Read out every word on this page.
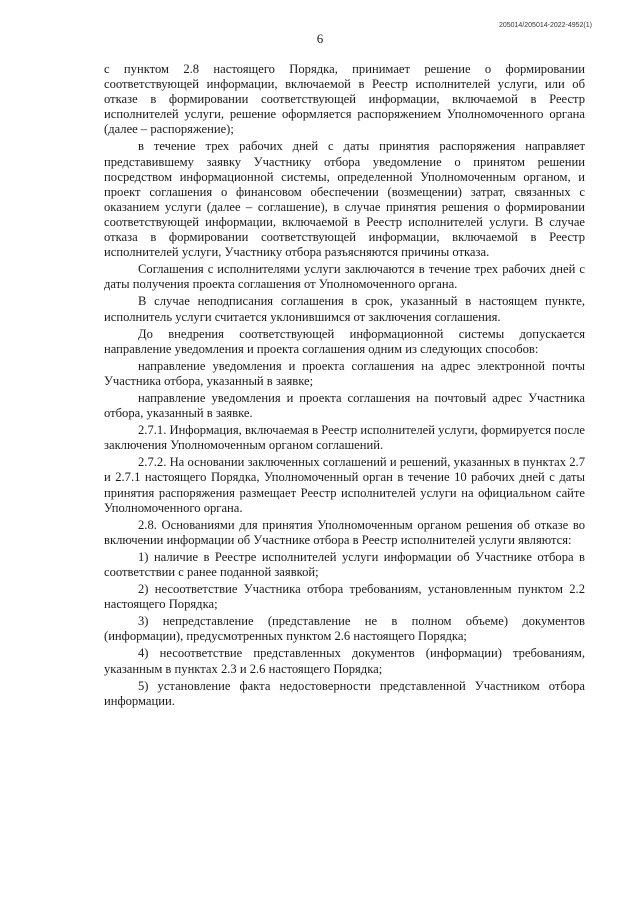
205014/205014-2022-4952(1)
6

с пунктом 2.8 настоящего Порядка, принимает решение о формировании соответствующей информации, включаемой в Реестр исполнителей услуги, или об отказе в формировании соответствующей информации, включаемой в Реестр исполнителей услуги, решение оформляется распоряжением Уполномоченного органа (далее – распоряжение);

в течение трех рабочих дней с даты принятия распоряжения направляет представившему заявку Участнику отбора уведомление о принятом решении посредством информационной системы, определенной Уполномоченным органом, и проект соглашения о финансовом обеспечении (возмещении) затрат, связанных с оказанием услуги (далее – соглашение), в случае принятия решения о формировании соответствующей информации, включаемой в Реестр исполнителей услуги. В случае отказа в формировании соответствующей информации, включаемой в Реестр исполнителей услуги, Участнику отбора разъясняются причины отказа.

Соглашения с исполнителями услуги заключаются в течение трех рабочих дней с даты получения проекта соглашения от Уполномоченного органа.

В случае неподписания соглашения в срок, указанный в настоящем пункте, исполнитель услуги считается уклонившимся от заключения соглашения.

До внедрения соответствующей информационной системы допускается направление уведомления и проекта соглашения одним из следующих способов:

направление уведомления и проекта соглашения на адрес электронной почты Участника отбора, указанный в заявке;

направление уведомления и проекта соглашения на почтовый адрес Участника отбора, указанный в заявке.

2.7.1. Информация, включаемая в Реестр исполнителей услуги, формируется после заключения Уполномоченным органом соглашений.

2.7.2. На основании заключенных соглашений и решений, указанных в пунктах 2.7 и 2.7.1 настоящего Порядка, Уполномоченный орган в течение 10 рабочих дней с даты принятия распоряжения размещает Реестр исполнителей услуги на официальном сайте Уполномоченного органа.

2.8. Основаниями для принятия Уполномоченным органом решения об отказе во включении информации об Участнике отбора в Реестр исполнителей услуги являются:

1) наличие в Реестре исполнителей услуги информации об Участнике отбора в соответствии с ранее поданной заявкой;

2) несоответствие Участника отбора требованиям, установленным пунктом 2.2 настоящего Порядка;

3) непредставление (представление не в полном объеме) документов (информации), предусмотренных пунктом 2.6 настоящего Порядка;

4) несоответствие представленных документов (информации) требованиям, указанным в пунктах 2.3 и 2.6 настоящего Порядка;

5) установление факта недостоверности представленной Участником отбора информации.
